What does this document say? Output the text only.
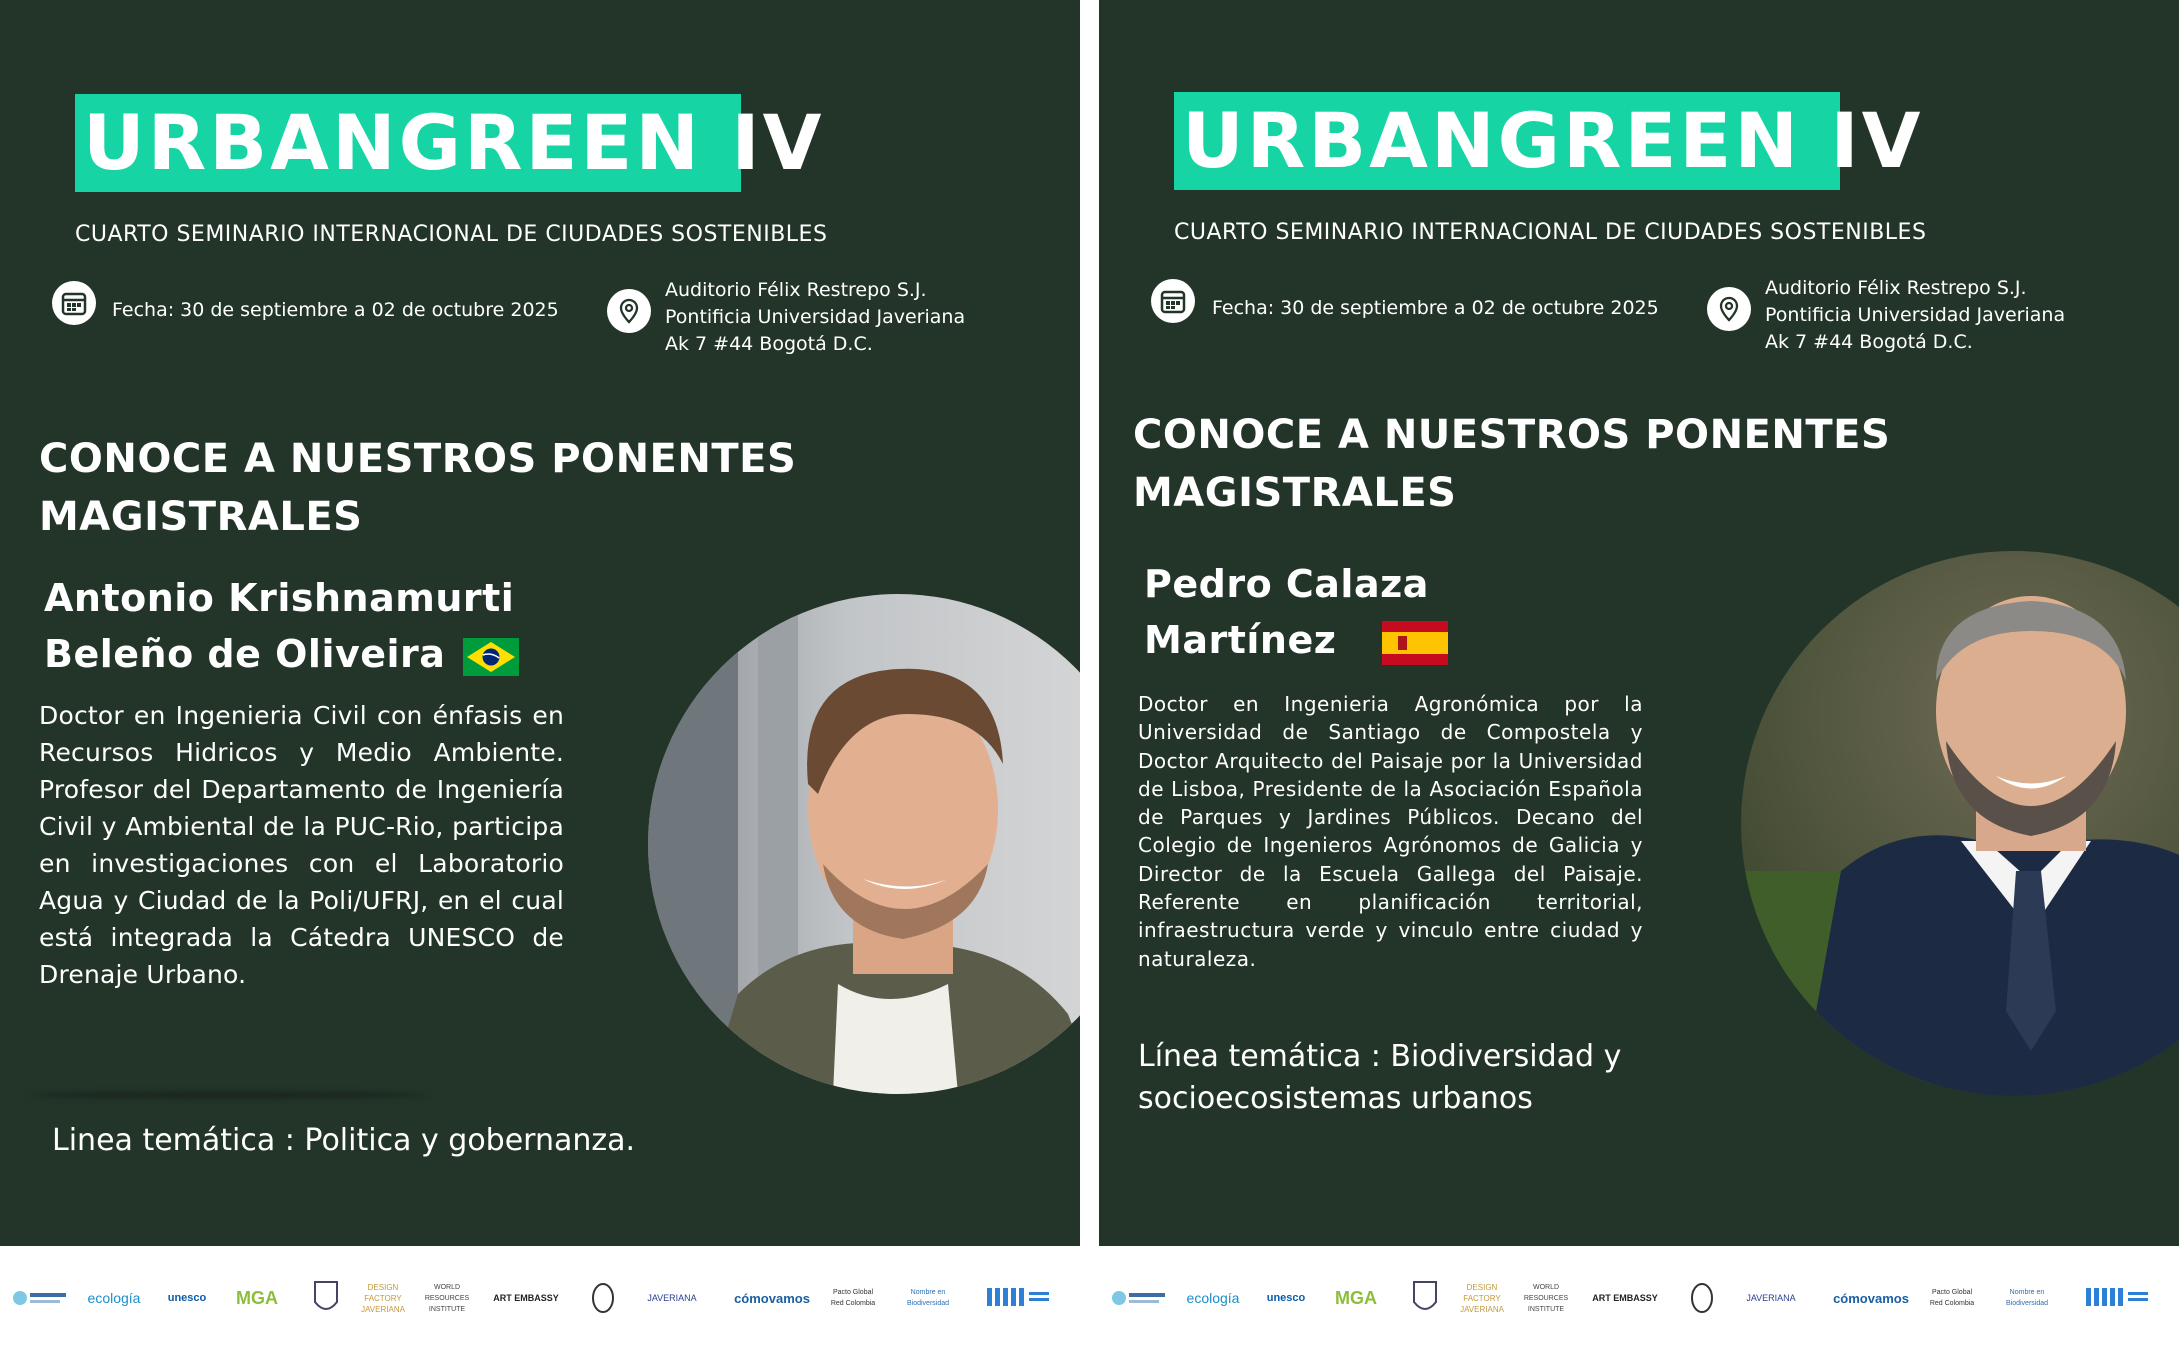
URBANGREEN IV
CUARTO SEMINARIO INTERNACIONAL DE CIUDADES SOSTENIBLES
Fecha: 30 de septiembre a 02 de octubre 2025
Auditorio Félix Restrepo S.J.
Pontificia Universidad Javeriana
Ak 7 #44 Bogotá D.C.
CONOCE A NUESTROS PONENTES
MAGISTRALES
Antonio Krishnamurti
Beleño de Oliveira
Doctor en Ingenieria Civil con énfasis en Recursos Hidricos y Medio Ambiente. Profesor del Departamento de Ingeniería Civil y Ambiental de la PUC-Rio, participa en investigaciones con el Laboratorio Agua y Ciudad de la Poli/UFRJ, en el cual está integrada la Cátedra UNESCO de Drenaje Urbano.
Linea temática : Politica y gobernanza.
URBANGREEN IV
CUARTO SEMINARIO INTERNACIONAL DE CIUDADES SOSTENIBLES
Fecha: 30 de septiembre a 02 de octubre 2025
Auditorio Félix Restrepo S.J.
Pontificia Universidad Javeriana
Ak 7 #44 Bogotá D.C.
CONOCE A NUESTROS PONENTES
MAGISTRALES
Pedro Calaza
Martínez
Doctor en Ingenieria Agronómica por la Universidad de Santiago de Compostela y Doctor Arquitecto del Paisaje por la Universidad de Lisboa, Presidente de la Asociación Española de Parques y Jardines Públicos. Decano del Colegio de Ingenieros Agrónomos de Galicia y Director de la Escuela Gallega del Paisaje. Referente en planificación territorial, infraestructura verde y vinculo entre ciudad y naturaleza.
Línea temática : Biodiversidad y
socioecosistemas urbanos
ecología	unesco	MGA
DESIGN FACTORY JAVERIANA
WORLD RESOURCES INSTITUTE
ART EMBASSY	JAVERIANA	cómovamos	Pacto Global Red Colombia
Nombre en Biodiversidad	ecología	unesco	MGA
DESIGN FACTORY JAVERIANA
WORLD RESOURCES INSTITUTE
ART EMBASSY	JAVERIANA	cómovamos	Pacto Global Red Colombia
Nombre en Biodiversidad
